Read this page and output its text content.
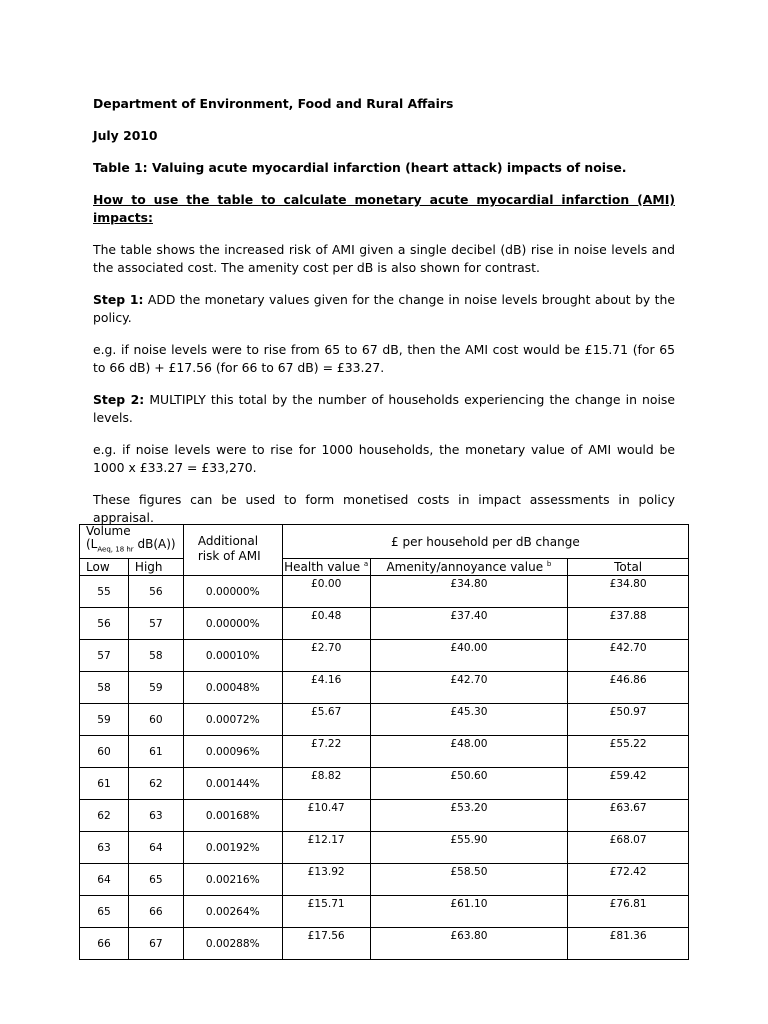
Department of Environment, Food and Rural Affairs

July 2010

Table 1: Valuing acute myocardial infarction (heart attack) impacts of noise.

How to use the table to calculate monetary acute myocardial infarction (AMI) impacts:

The table shows the increased risk of AMI given a single decibel (dB) rise in noise levels and the associated cost. The amenity cost per dB is also shown for contrast.

Step 1: ADD the monetary values given for the change in noise levels brought about by the policy.

e.g. if noise levels were to rise from 65 to 67 dB, then the AMI cost would be £15.71 (for 65 to 66 dB) + £17.56 (for 66 to 67 dB) = £33.27.

Step 2: MULTIPLY this total by the number of households experiencing the change in noise levels.

e.g. if noise levels were to rise for 1000 households, the monetary value of AMI would be 1000 x £33.27 = £33,270.

These figures can be used to form monetised costs in impact assessments in policy appraisal.

Volume
($L_{Aeq, 18 hr}$ dB(A))		Additional risk of AMI	£ per household per dB change		
Low	High		Health value $^a$	Amenity/annoyance value $^b$	Total
55	56	0.00000%	£0.00	£34.80	£34.80
56	57	0.00000%	£0.48	£37.40	£37.88
57	58	0.00010%	£2.70	£40.00	£42.70
58	59	0.00048%	£4.16	£42.70	£46.86
59	60	0.00072%	£5.67	£45.30	£50.97
60	61	0.00096%	£7.22	£48.00	£55.22
61	62	0.00144%	£8.82	£50.60	£59.42
62	63	0.00168%	£10.47	£53.20	£63.67
63	64	0.00192%	£12.17	£55.90	£68.07
64	65	0.00216%	£13.92	£58.50	£72.42
65	66	0.00264%	£15.71	£61.10	£76.81
66	67	0.00288%	£17.56	£63.80	£81.36
